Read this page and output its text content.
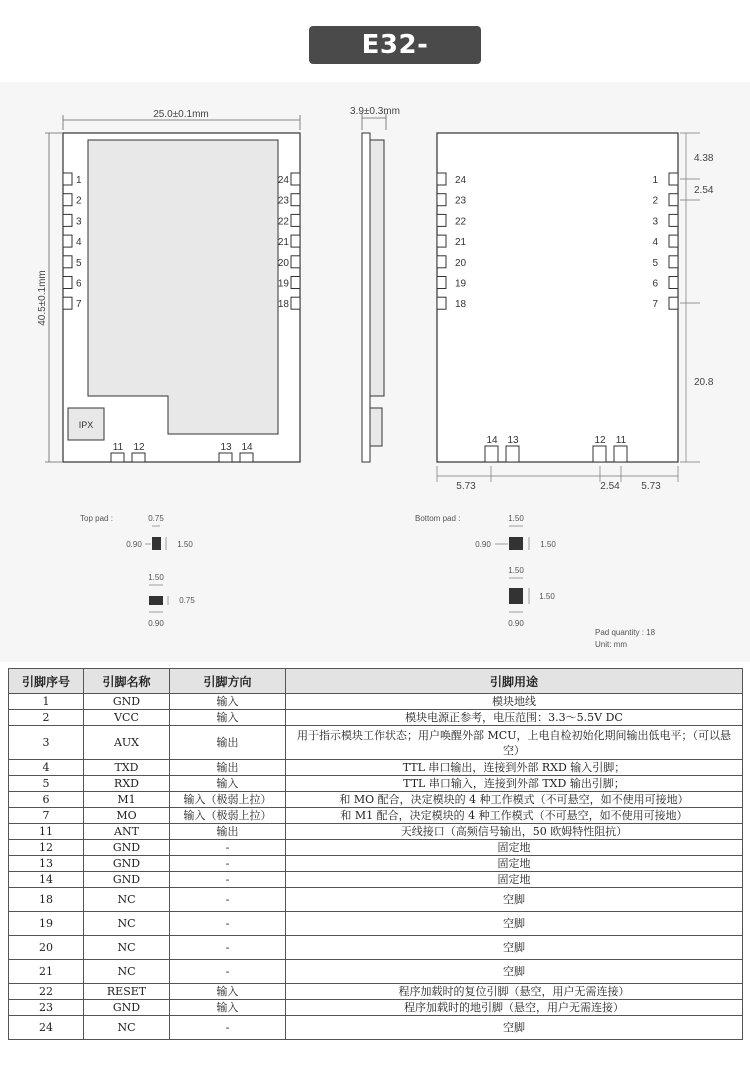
E32-
25.0±0.1mm
40.5±0.1mm
IPX
1
2
3
4
5
6
7
24
23
22
21
20
19
18
11 12	13 14
3.9±0.3mm
24
23
22
21
20
19
18
1
2
3
4
5
6
7
14 13	12 11
4.38
2.54
20.8
5.73	2.54 5.73
Top pad :	0.75
0.90	1.50
1.50
0.75
0.90
Bottom pad :	1.50
0.90	1.50
1.50
1.50
0.90
Pad quantity : 18
Unit: mm
引脚序号	引脚名称	引脚方向	引脚用途
1	GND	输入	模块地线
2	VCC	输入	模块电源正参考，电压范围：3.3～5.5V DC
3	AUX	输出	用于指示模块工作状态；用户唤醒外部 MCU，上电自检初始化期间输出低电平；（可以悬空）
4	TXD	输出	TTL 串口输出，连接到外部 RXD 输入引脚；
5	RXD	输入	TTL 串口输入，连接到外部 TXD 输出引脚；
6	M1	输入（极弱上拉）	和 MO 配合，决定模块的 4 种工作模式（不可悬空，如不使用可接地）
7	MO	输入（极弱上拉）	和 M1 配合，决定模块的 4 种工作模式（不可悬空，如不使用可接地）
11	ANT	输出	天线接口（高频信号输出，50 欧姆特性阻抗）
12	GND	-	固定地
13	GND	-	固定地
14	GND	-	固定地
18	NC	-	空脚
19	NC	-	空脚
20	NC	-	空脚
21	NC	-	空脚
22	RESET	输入	程序加载时的复位引脚（悬空，用户无需连接）
23	GND	输入	程序加载时的地引脚（悬空，用户无需连接）
24	NC	-	空脚
